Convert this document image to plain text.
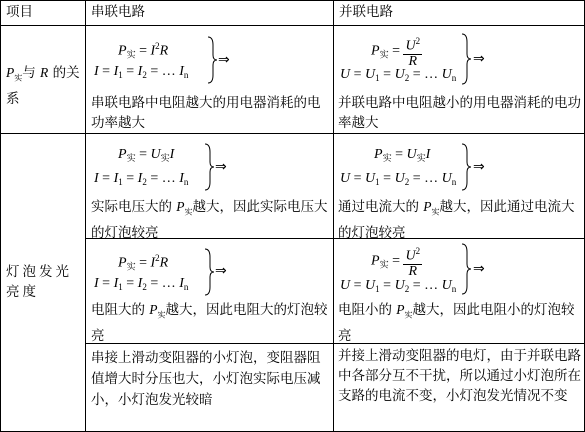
项目	串联电路	并联电路
$P_实$与 R 的关系
$P_实 = I^2R$
$I = I_1 = I_2$ = … $I_n$
⇒
串联电路中电阻越大的用电器消耗的电功率越大
$P_实 = \frac{U^2}{R}$
$U = U_1 = U_2$ = … $U_n$
⇒
并联电路中电阻越小的用电器消耗的电功率越大
灯泡发光亮度
$P_实 = U_实I$
$I = I_1 = I_2$ = … $I_n$
⇒
实际电压大的 $P_实$越大，因此实际电压大的灯泡较亮
$P_实 = U_实I$
$U = U_1 = U_2$ = … $U_n$
⇒
通过电流大的 $P_实$越大，因此通过电流大的灯泡较亮
$P_实 = I^2R$
$I = I_1 = I_2$ = … $I_n$
⇒
电阻大的 $P_实$越大，因此电阻大的灯泡较亮
$P_实 = \frac{U^2}{R}$
$U = U_1 = U_2$ = … $U_n$
⇒
电阻小的 $P_实$越大，因此电阻小的灯泡较亮
串接上滑动变阻器的小灯泡，变阻器阻值增大时分压也大，小灯泡实际电压减小，小灯泡发光较暗
并接上滑动变阻器的电灯，由于并联电路中各部分互不干扰，所以通过小灯泡所在支路的电流不变，小灯泡发光情况不变
